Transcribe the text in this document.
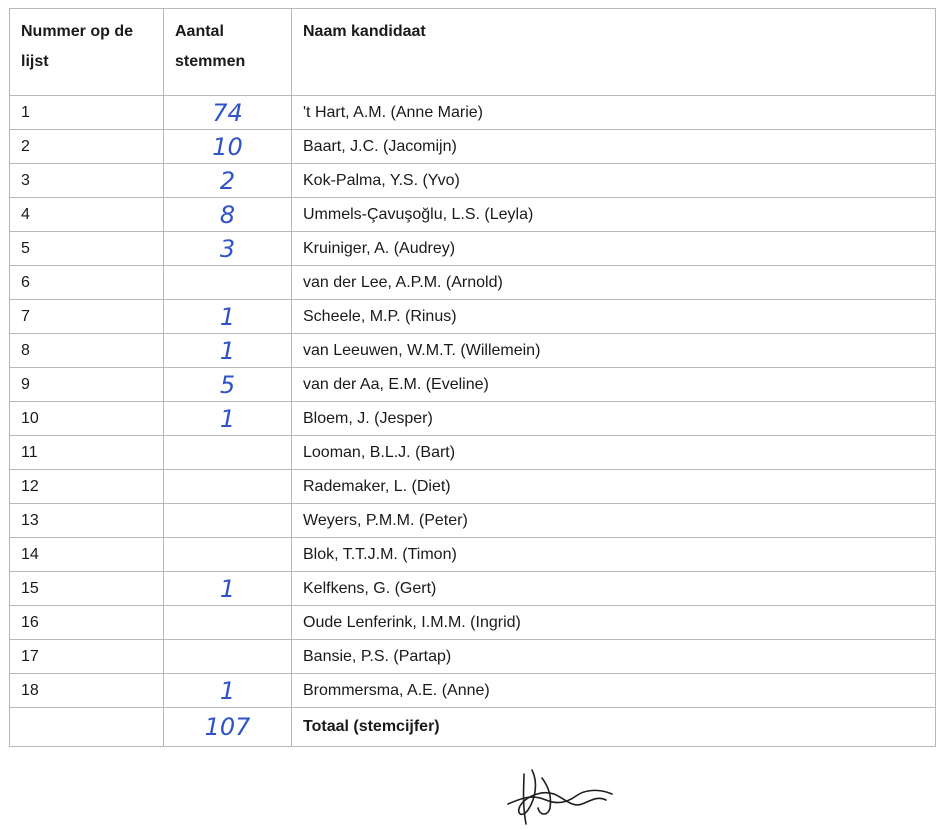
Nummer op de lijst	Aantal stemmen	Naam kandidaat
1	74	't Hart, A.M. (Anne Marie)
2	10	Baart, J.C. (Jacomijn)
3	2	Kok-Palma, Y.S. (Yvo)
4	8	Ummels-Çavuşoğlu, L.S. (Leyla)
5	3	Kruiniger, A. (Audrey)
6		van der Lee, A.P.M. (Arnold)
7	1	Scheele, M.P. (Rinus)
8	1	van Leeuwen, W.M.T. (Willemein)
9	5	van der Aa, E.M. (Eveline)
10	1	Bloem, J. (Jesper)
11		Looman, B.L.J. (Bart)
12		Rademaker, L. (Diet)
13		Weyers, P.M.M. (Peter)
14		Blok, T.T.J.M. (Timon)
15	1	Kelfkens, G. (Gert)
16		Oude Lenferink, I.M.M. (Ingrid)
17		Bansie, P.S. (Partap)
18	1	Brommersma, A.E. (Anne)
	107	Totaal (stemcijfer)
